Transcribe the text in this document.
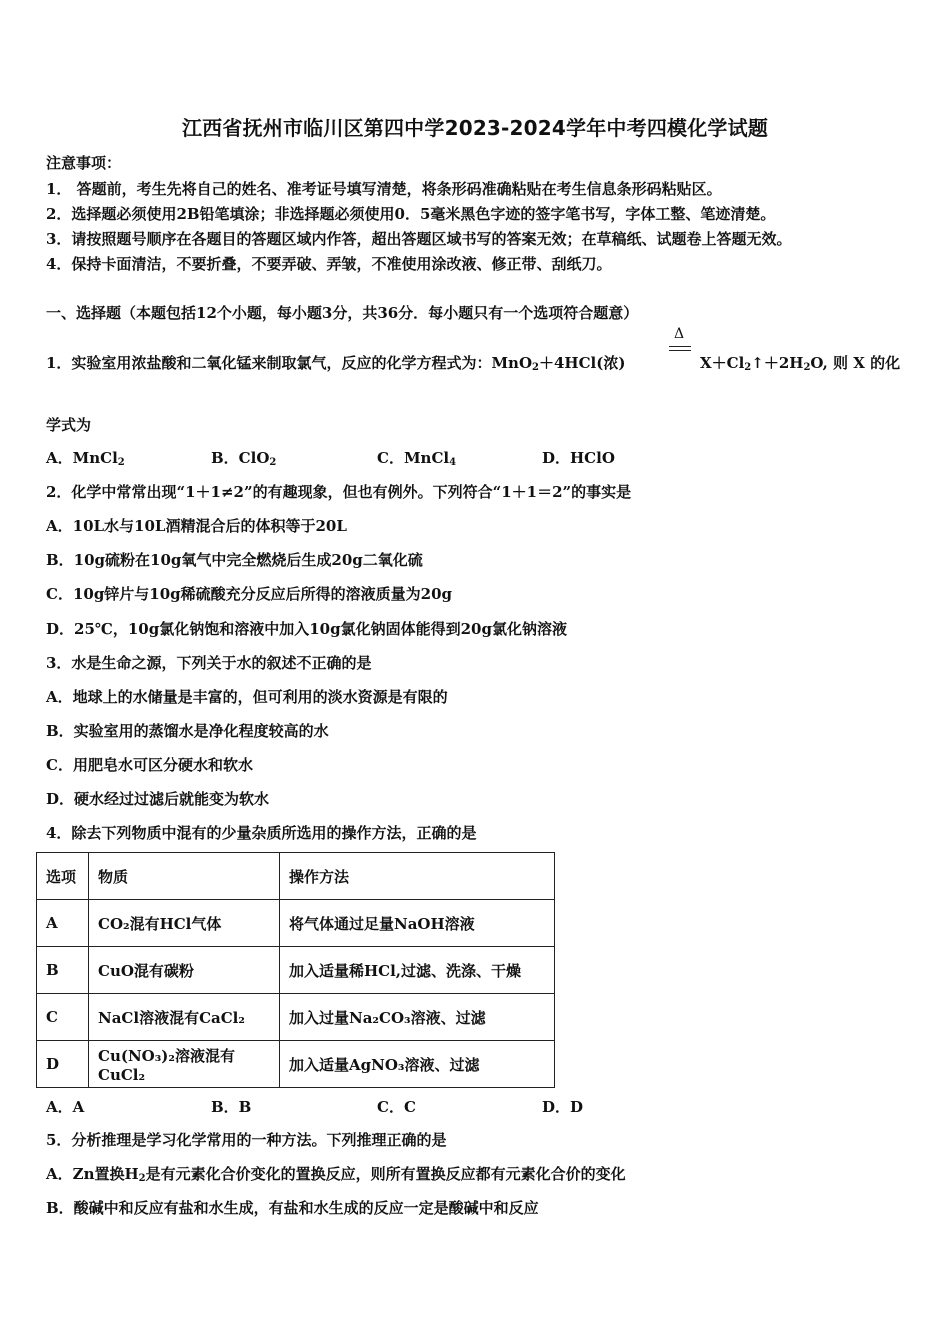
江西省抚州市临川区第四中学2023-2024学年中考四模化学试题
注意事项：
1． 答题前，考生先将自己的姓名、准考证号填写清楚，将条形码准确粘贴在考生信息条形码粘贴区。
2．选择题必须使用2B铅笔填涂；非选择题必须使用0．5毫米黑色字迹的签字笔书写，字体工整、笔迹清楚。
3．请按照题号顺序在各题目的答题区域内作答，超出答题区域书写的答案无效；在草稿纸、试题卷上答题无效。
4．保持卡面清洁，不要折叠，不要弄破、弄皱，不准使用涂改液、修正带、刮纸刀。
一、选择题（本题包括12个小题，每小题3分，共36分．每小题只有一个选项符合题意）
1．实验室用浓盐酸和二氧化锰来制取氯气，反应的化学方程式为：MnO$_2$＋4HCl(浓)
Δ
$X+Cl_2↑+2H_2O$, 则 X 的化
学式为
A．MnCl$_2$	B．ClO$_2$	C．MnCl$_4$	D．HClO
2．化学中常常出现“1＋1≠2”的有趣现象，但也有例外。下列符合“1＋1＝2”的事实是
A．10L水与10L酒精混合后的体积等于20L
B．10g硫粉在10g氧气中完全燃烧后生成20g二氧化硫
C．10g锌片与10g稀硫酸充分反应后所得的溶液质量为20g
D．25℃，10g氯化钠饱和溶液中加入10g氯化钠固体能得到20g氯化钠溶液
3．水是生命之源，下列关于水的叙述不正确的是
A．地球上的水储量是丰富的，但可利用的淡水资源是有限的
B．实验室用的蒸馏水是净化程度较高的水
C．用肥皂水可区分硬水和软水
D．硬水经过过滤后就能变为软水
4．除去下列物质中混有的少量杂质所选用的操作方法，正确的是
选项	物质	操作方法
A	CO₂混有HCl气体	将气体通过足量NaOH溶液
B	CuO混有碳粉	加入适量稀HCl,过滤、洗涤、干燥
C	NaCl溶液混有CaCl₂	加入过量Na₂CO₃溶液、过滤
D	Cu(NO₃)₂溶液混有CuCl₂	加入适量AgNO₃溶液、过滤
A．A	B．B	C．C	D．D
5．分析推理是学习化学常用的一种方法。下列推理正确的是
A．Zn置换$H_2$是有元素化合价变化的置换反应，则所有置换反应都有元素化合价的变化
B．酸碱中和反应有盐和水生成，有盐和水生成的反应一定是酸碱中和反应
